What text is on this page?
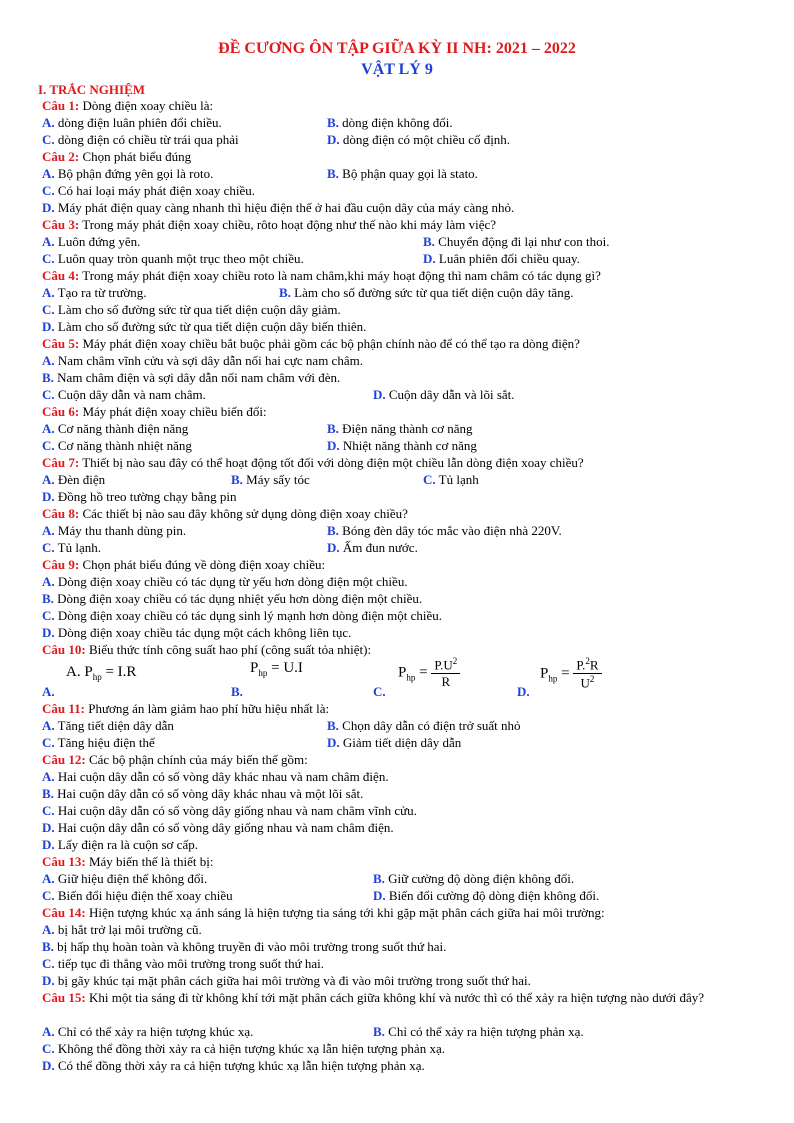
ĐỀ CƯƠNG ÔN TẬP GIỮA KỲ II NH: 2021 – 2022
VẬT LÝ 9
I. TRẮC NGHIỆM
Câu 1: Dòng điện xoay chiều là:
A. dòng điện luân phiên đổi chiều.	B. dòng điện không đổi.
C. dòng điện có chiều từ trái qua phải	D. dòng điện có một chiều cố định.
Câu 2: Chọn phát biểu đúng
A. Bộ phận đứng yên gọi là roto.	B. Bộ phận quay gọi là stato.
C. Có hai loại máy phát điện xoay chiều.
D. Máy phát điện quay càng nhanh thì hiệu điện thế ở hai đầu cuộn dây của máy càng nhỏ.
Câu 3: Trong máy phát điện xoay chiều, rôto hoạt động như thế nào khi máy làm việc?
A. Luôn đứng yên.	B. Chuyển động đi lại như con thoi.
C. Luôn quay tròn quanh một trục theo một chiều.	D. Luân phiên đổi chiều quay.
Câu 4: Trong máy phát điện xoay chiều roto là nam châm,khi máy hoạt động thì nam châm có tác dụng gì?
A. Tạo ra từ trường.	B. Làm cho số đường sức từ qua tiết diện cuộn dây tăng.
C. Làm cho số đường sức từ qua tiết diện cuộn dây giảm.
D. Làm cho số đường sức từ qua tiết diện cuộn dây biến thiên.
Câu 5: Máy phát điện xoay chiều bắt buộc phải gồm các bộ phận chính nào để có thể tạo ra dòng điện?
A. Nam châm vĩnh cửu và sợi dây dẫn nối hai cực nam châm.
B. Nam châm điện và sợi dây dẫn nối nam châm với đèn.
C. Cuộn dây dẫn và nam châm.	D. Cuộn dây dẫn và lõi sắt.
Câu 6: Máy phát điện xoay chiều biến đổi:
A. Cơ năng thành điện năng	B. Điện năng thành cơ năng
C. Cơ năng thành nhiệt năng	D. Nhiệt năng thành cơ năng
Câu 7: Thiết bị nào sau đây có thể hoạt động tốt đối với dòng điện một chiều lẫn dòng điện xoay chiều?
A. Đèn điện	B. Máy sấy tóc	C. Tủ lạnh
D. Đồng hồ treo tường chạy bằng pin
Câu 8: Các thiết bị nào sau đây không sử dụng dòng điện xoay chiều?
A. Máy thu thanh dùng pin.	B. Bóng đèn dây tóc mắc vào điện nhà 220V.
C. Tủ lạnh.	D. Ấm đun nước.
Câu 9: Chọn phát biểu đúng về dòng điện xoay chiều:
A. Dòng điện xoay chiều có tác dụng từ yếu hơn dòng điện một chiều.
B. Dòng điện xoay chiều có tác dụng nhiệt yếu hơn dòng điện một chiều.
C. Dòng điện xoay chiều có tác dụng sinh lý mạnh hơn dòng điện một chiều.
D. Dòng điện xoay chiều tác dụng một cách không liên tục.
Câu 10: Biểu thức tính công suất hao phí (công suất tỏa nhiệt):
A.
A. $P_{hp} = I.R$
B.
$P_{hp} = U.I$
C.
$P_{hp} = \frac{P.U^2}{R}$
D.
$P_{hp} = \frac{P.^2R}{U^2}$
Câu 11: Phương án làm giảm hao phí hữu hiệu nhất là:
A. Tăng tiết diện dây dẫn	B. Chọn dây dẫn có điện trở suất nhỏ
C. Tăng hiệu điện thế	D. Giảm tiết diện dây dẫn
Câu 12: Các bộ phận chính của máy biến thế gồm:
A. Hai cuộn dây dẫn có số vòng dây khác nhau và nam châm điện.
B. Hai cuộn dây dẫn có số vòng dây khác nhau và một lõi sắt.
C. Hai cuộn dây dẫn có số vòng dây giống nhau và nam châm vĩnh cửu.
D. Hai cuộn dây dẫn có số vòng dây giống nhau và nam châm điện.
D. Lấy điện ra là cuộn sơ cấp.
Câu 13: Máy biến thế là thiết bị:
A. Giữ hiệu điện thế không đổi.	B. Giữ cường độ dòng điện không đổi.
C. Biến đổi hiệu điện thế xoay chiều	D. Biến đổi cường độ dòng điện không đổi.
Câu 14: Hiện tượng khúc xạ ánh sáng là hiện tượng tia sáng tới khi gặp mặt phân cách giữa hai môi trường:
A. bị hắt trở lại môi trường cũ.
B. bị hấp thụ hoàn toàn và không truyền đi vào môi trường trong suốt thứ hai.
C. tiếp tục đi thẳng vào môi trường trong suốt thứ hai.
D. bị gãy khúc tại mặt phân cách giữa hai môi trường và đi vào môi trường trong suốt thứ hai.
Câu 15: Khi một tia sáng đi từ không khí tới mặt phân cách giữa không khí và nước thì có thể xảy ra hiện tượng nào dưới đây?
A. Chỉ có thể xảy ra hiện tượng khúc xạ.	B. Chỉ có thể xảy ra hiện tượng phản xạ.
C. Không thể đồng thời xảy ra cả hiện tượng khúc xạ lẫn hiện tượng phản xạ.
D. Có thể đồng thời xảy ra cả hiện tượng khúc xạ lẫn hiện tượng phản xạ.
